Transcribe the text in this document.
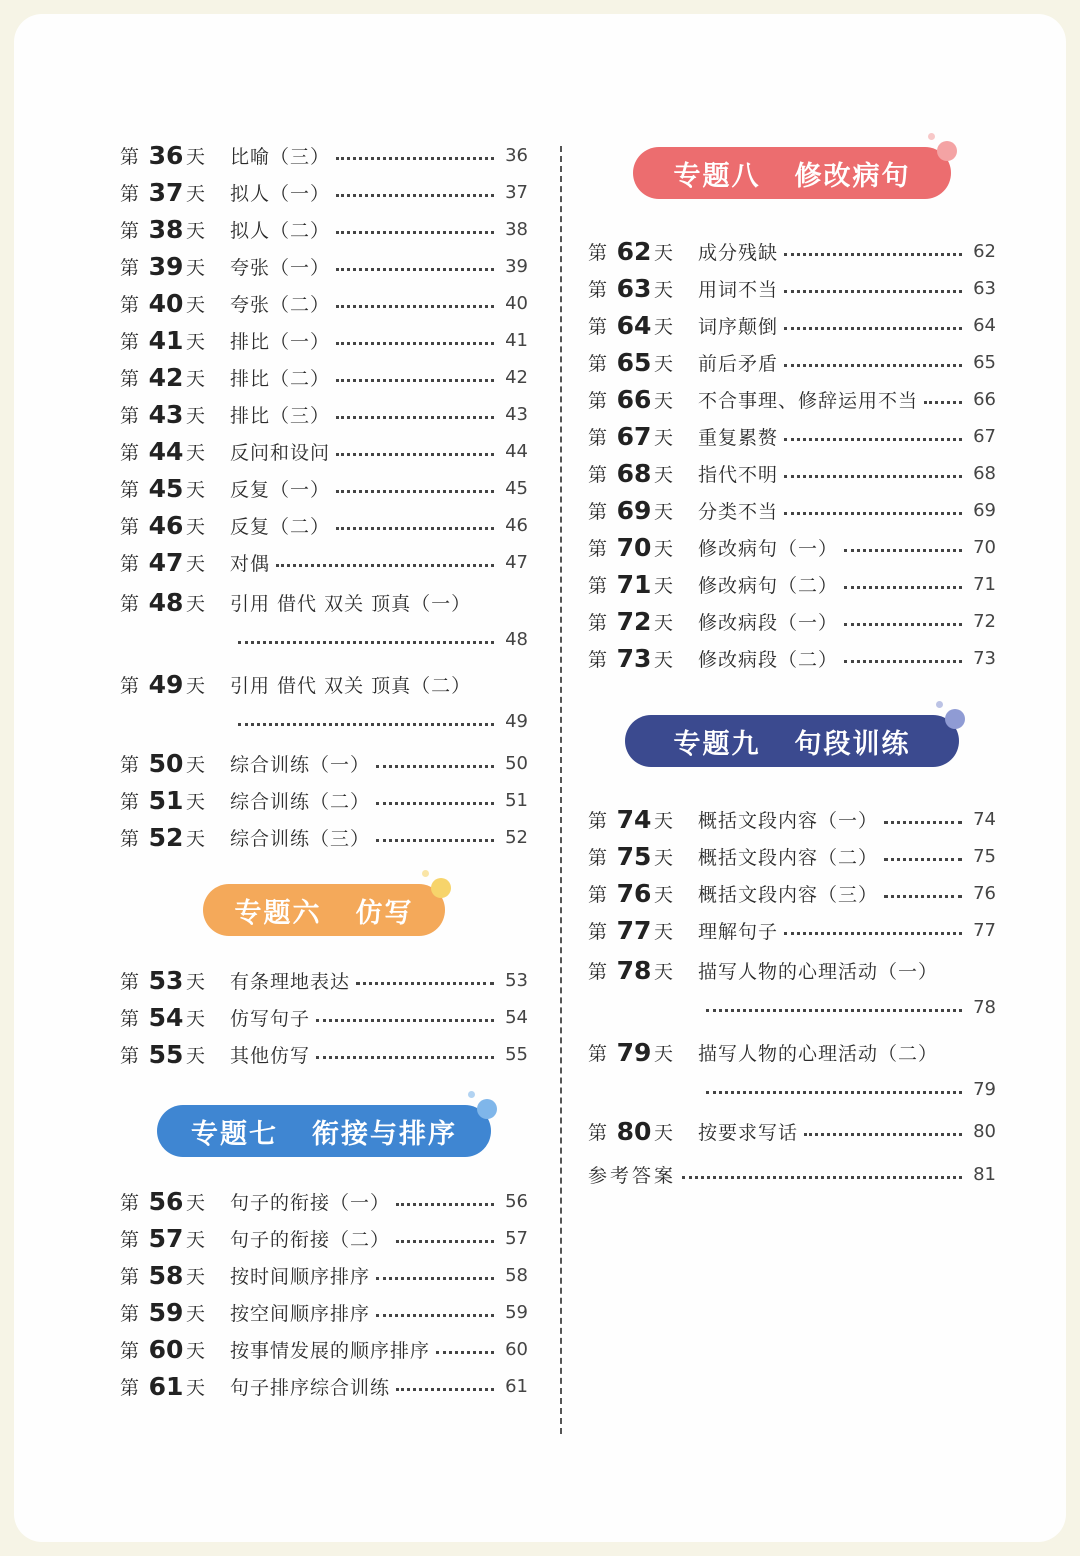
第 36 天	比喻（三）	36
第 37 天	拟人（一）	37
第 38 天	拟人（二）	38
第 39 天	夸张（一）	39
第 40 天	夸张（二）	40
第 41 天	排比（一）	41
第 42 天	排比（二）	42
第 43 天	排比（三）	43
第 44 天	反问和设问	44
第 45 天	反复（一）	45
第 46 天	反复（二）	46
第 47 天	对偶	47
第 48 天	引用 借代 双关 顶真（一）
48
第 49 天	引用 借代 双关 顶真（二）
49
第 50 天	综合训练（一）	50
第 51 天	综合训练（二）	51
第 52 天	综合训练（三）	52
专题六 仿写
第 53 天	有条理地表达	53
第 54 天	仿写句子	54
第 55 天	其他仿写	55
专题七 衔接与排序
第 56 天	句子的衔接（一）	56
第 57 天	句子的衔接（二）	57
第 58 天	按时间顺序排序	58
第 59 天	按空间顺序排序	59
第 60 天	按事情发展的顺序排序	60
第 61 天	句子排序综合训练	61
专题八 修改病句
第 62 天	成分残缺	62
第 63 天	用词不当	63
第 64 天	词序颠倒	64
第 65 天	前后矛盾	65
第 66 天	不合事理、修辞运用不当	66
第 67 天	重复累赘	67
第 68 天	指代不明	68
第 69 天	分类不当	69
第 70 天	修改病句（一）	70
第 71 天	修改病句（二）	71
第 72 天	修改病段（一）	72
第 73 天	修改病段（二）	73
专题九 句段训练
第 74 天	概括文段内容（一）	74
第 75 天	概括文段内容（二）	75
第 76 天	概括文段内容（三）	76
第 77 天	理解句子	77
第 78 天	描写人物的心理活动（一）
78
第 79 天	描写人物的心理活动（二）
79
第 80 天	按要求写话	80
参考答案	81
